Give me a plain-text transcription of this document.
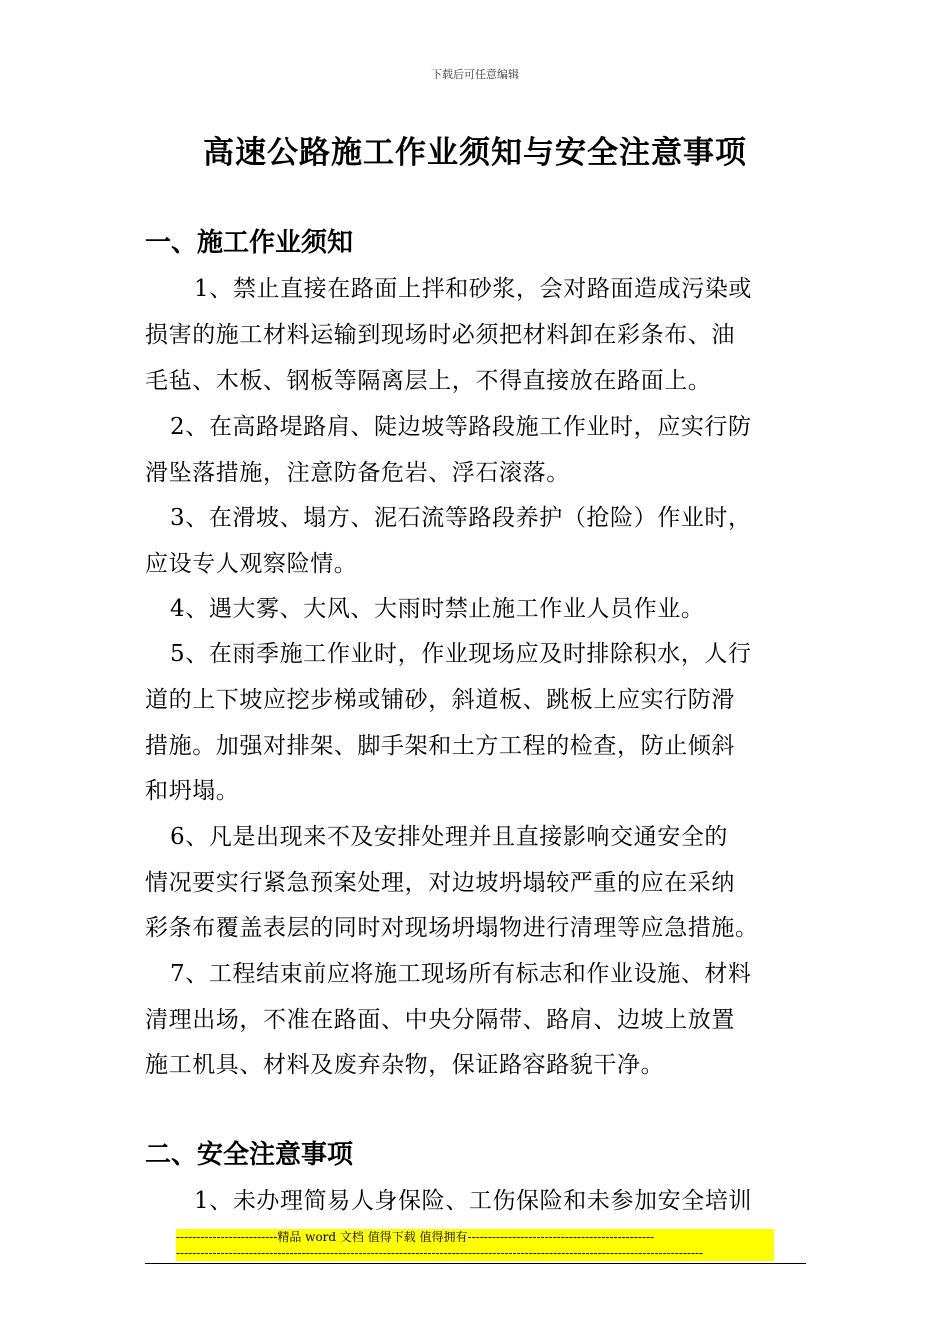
下载后可任意编辑
高速公路施工作业须知与安全注意事项
一、施工作业须知
1、禁止直接在路面上拌和砂浆，会对路面造成污染或
损害的施工材料运输到现场时必须把材料卸在彩条布、油
毛毡、木板、钢板等隔离层上，不得直接放在路面上。
2、在高路堤路肩、陡边坡等路段施工作业时，应实行防
滑坠落措施，注意防备危岩、浮石滚落。
3、在滑坡、塌方、泥石流等路段养护（抢险）作业时，
应设专人观察险情。
4、遇大雾、大风、大雨时禁止施工作业人员作业。
5、在雨季施工作业时，作业现场应及时排除积水，人行
道的上下坡应挖步梯或铺砂，斜道板、跳板上应实行防滑
措施。加强对排架、脚手架和土方工程的检查，防止倾斜
和坍塌。
6、凡是出现来不及安排处理并且直接影响交通安全的
情况要实行紧急预案处理，对边坡坍塌较严重的应在采纳
彩条布覆盖表层的同时对现场坍塌物进行清理等应急措施。
7、工程结束前应将施工现场所有标志和作业设施、材料
清理出场，不准在路面、中央分隔带、路肩、边坡上放置
施工机具、材料及废弃杂物，保证路容路貌干净。
二、安全注意事项
1、未办理简易人身保险、工伤保险和未参加安全培训
-------------------------精品 word 文档 值得下载 值得拥有----------------------------------------------
----------------------------------------------------------------------------------------------------------------------------------
